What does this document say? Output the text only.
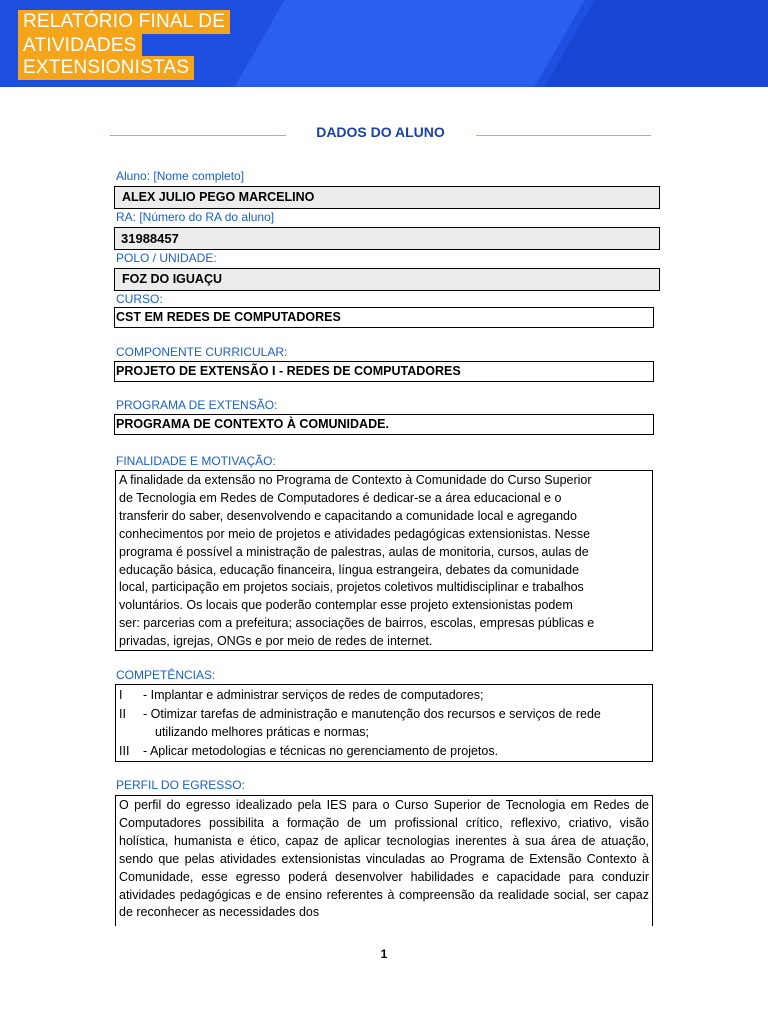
RELATÓRIO FINAL DE
ATIVIDADES
EXTENSIONISTAS
DADOS DO ALUNO
Aluno: [Nome completo]
ALEX JULIO PEGO MARCELINO
RA: [Número do RA do aluno]
31988457
POLO / UNIDADE:
FOZ DO IGUAÇU
CURSO:
CST EM REDES DE COMPUTADORES
COMPONENTE CURRICULAR:
PROJETO DE EXTENSÃO I - REDES DE COMPUTADORES
PROGRAMA DE EXTENSÃO:
PROGRAMA DE CONTEXTO À COMUNIDADE.
FINALIDADE E MOTIVAÇÃO:
A finalidade da extensão no Programa de Contexto à Comunidade do Curso Superior
de Tecnologia em Redes de Computadores é dedicar-se a área educacional e o
transferir do saber, desenvolvendo e capacitando a comunidade local e agregando
conhecimentos por meio de projetos e atividades pedagógicas extensionistas. Nesse
programa é possível a ministração de palestras, aulas de monitoria, cursos, aulas de
educação básica, educação financeira, língua estrangeira, debates da comunidade
local, participação em projetos sociais, projetos coletivos multidisciplinar e trabalhos
voluntários. Os locais que poderão contemplar esse projeto extensionistas podem
ser: parcerias com a prefeitura; associações de bairros, escolas, empresas públicas e
privadas, igrejas, ONGs e por meio de redes de internet.
COMPETÊNCIAS:
I	- Implantar e administrar serviços de redes de computadores;
II	- Otimizar tarefas de administração e manutenção dos recursos e serviços de rede
utilizando melhores práticas e normas;
III	- Aplicar metodologias e técnicas no gerenciamento de projetos.
PERFIL DO EGRESSO:
O perfil do egresso idealizado pela IES para o Curso Superior de Tecnologia em Redes de Computadores possibilita a formação de um profissional crítico, reflexivo, criativo, visão holística, humanista e ético, capaz de aplicar tecnologias inerentes à sua área de atuação, sendo que pelas atividades extensionistas vinculadas ao Programa de Extensão Contexto à Comunidade, esse egresso poderá desenvolver habilidades e capacidade para conduzir atividades pedagógicas e de ensino referentes à compreensão da realidade social, ser capaz de reconhecer as necessidades dos
1
